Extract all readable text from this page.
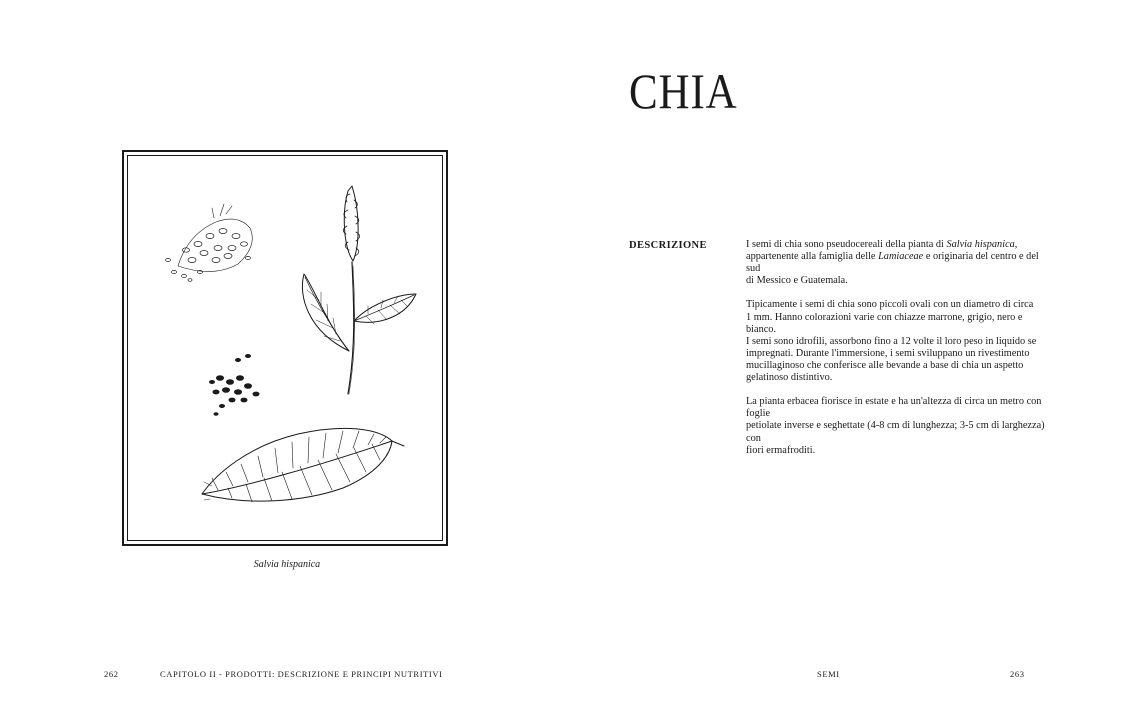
CHIA
DESCRIZIONE	I semi di chia sono pseudocereali della pianta di Salvia hispanica,
appartenente alla famiglia delle Lamiaceae e originaria del centro e del sud
di Messico e Guatemala.

Tipicamente i semi di chia sono piccoli ovali con un diametro di circa
1 mm. Hanno colorazioni varie con chiazze marrone, grigio, nero e bianco.
I semi sono idrofili, assorbono fino a 12 volte il loro peso in liquido se
impregnati. Durante l'immersione, i semi sviluppano un rivestimento
mucillaginoso che conferisce alle bevande a base di chia un aspetto
gelatinoso distintivo.

La pianta erbacea fiorisce in estate e ha un'altezza di circa un metro con foglie
petiolate inverse e seghettate (4-8 cm di lunghezza; 3-5 cm di larghezza) con
fiori ermafroditi.

Salvia hispanica
262	CAPITOLO II - PRODOTTI: DESCRIZIONE E PRINCIPI NUTRITIVI	SEMI	263
